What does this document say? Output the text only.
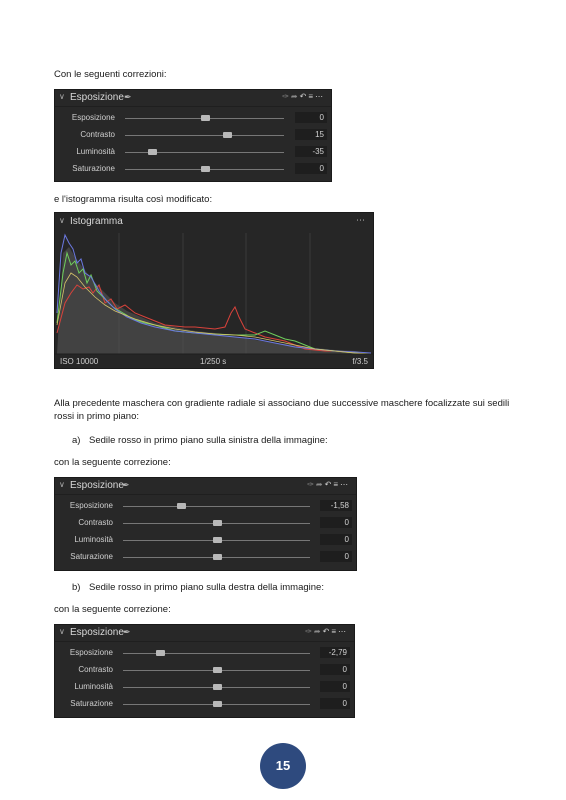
Con le seguenti correzioni:

∨ Esposizione ✒	✑➦↶≡⋯
Esposizione	0
Contrasto	15
Luminosità	-35
Saturazione	0

e l'istogramma risulta così modificato:

∨ Istogramma	⋯
ISO 10000	1/250 s	f/3.5

Alla precedente maschera con gradiente radiale si associano due successive maschere focalizzate sui sedili rossi in primo piano:

a) Sedile rosso in primo piano sulla sinistra della immagine:

con la seguente correzione:

∨ Esposizione
✒	✑➦↶≡⋯
Esposizione	-1,58
Contrasto	0
Luminosità	0
Saturazione	0
b) Sedile rosso in primo piano sulla destra della immagine:

con la seguente correzione:

∨ Esposizione ✒	✑➦↶≡⋯
Esposizione	-2,79
Contrasto	0
Luminosità	0
Saturazione	0
15
